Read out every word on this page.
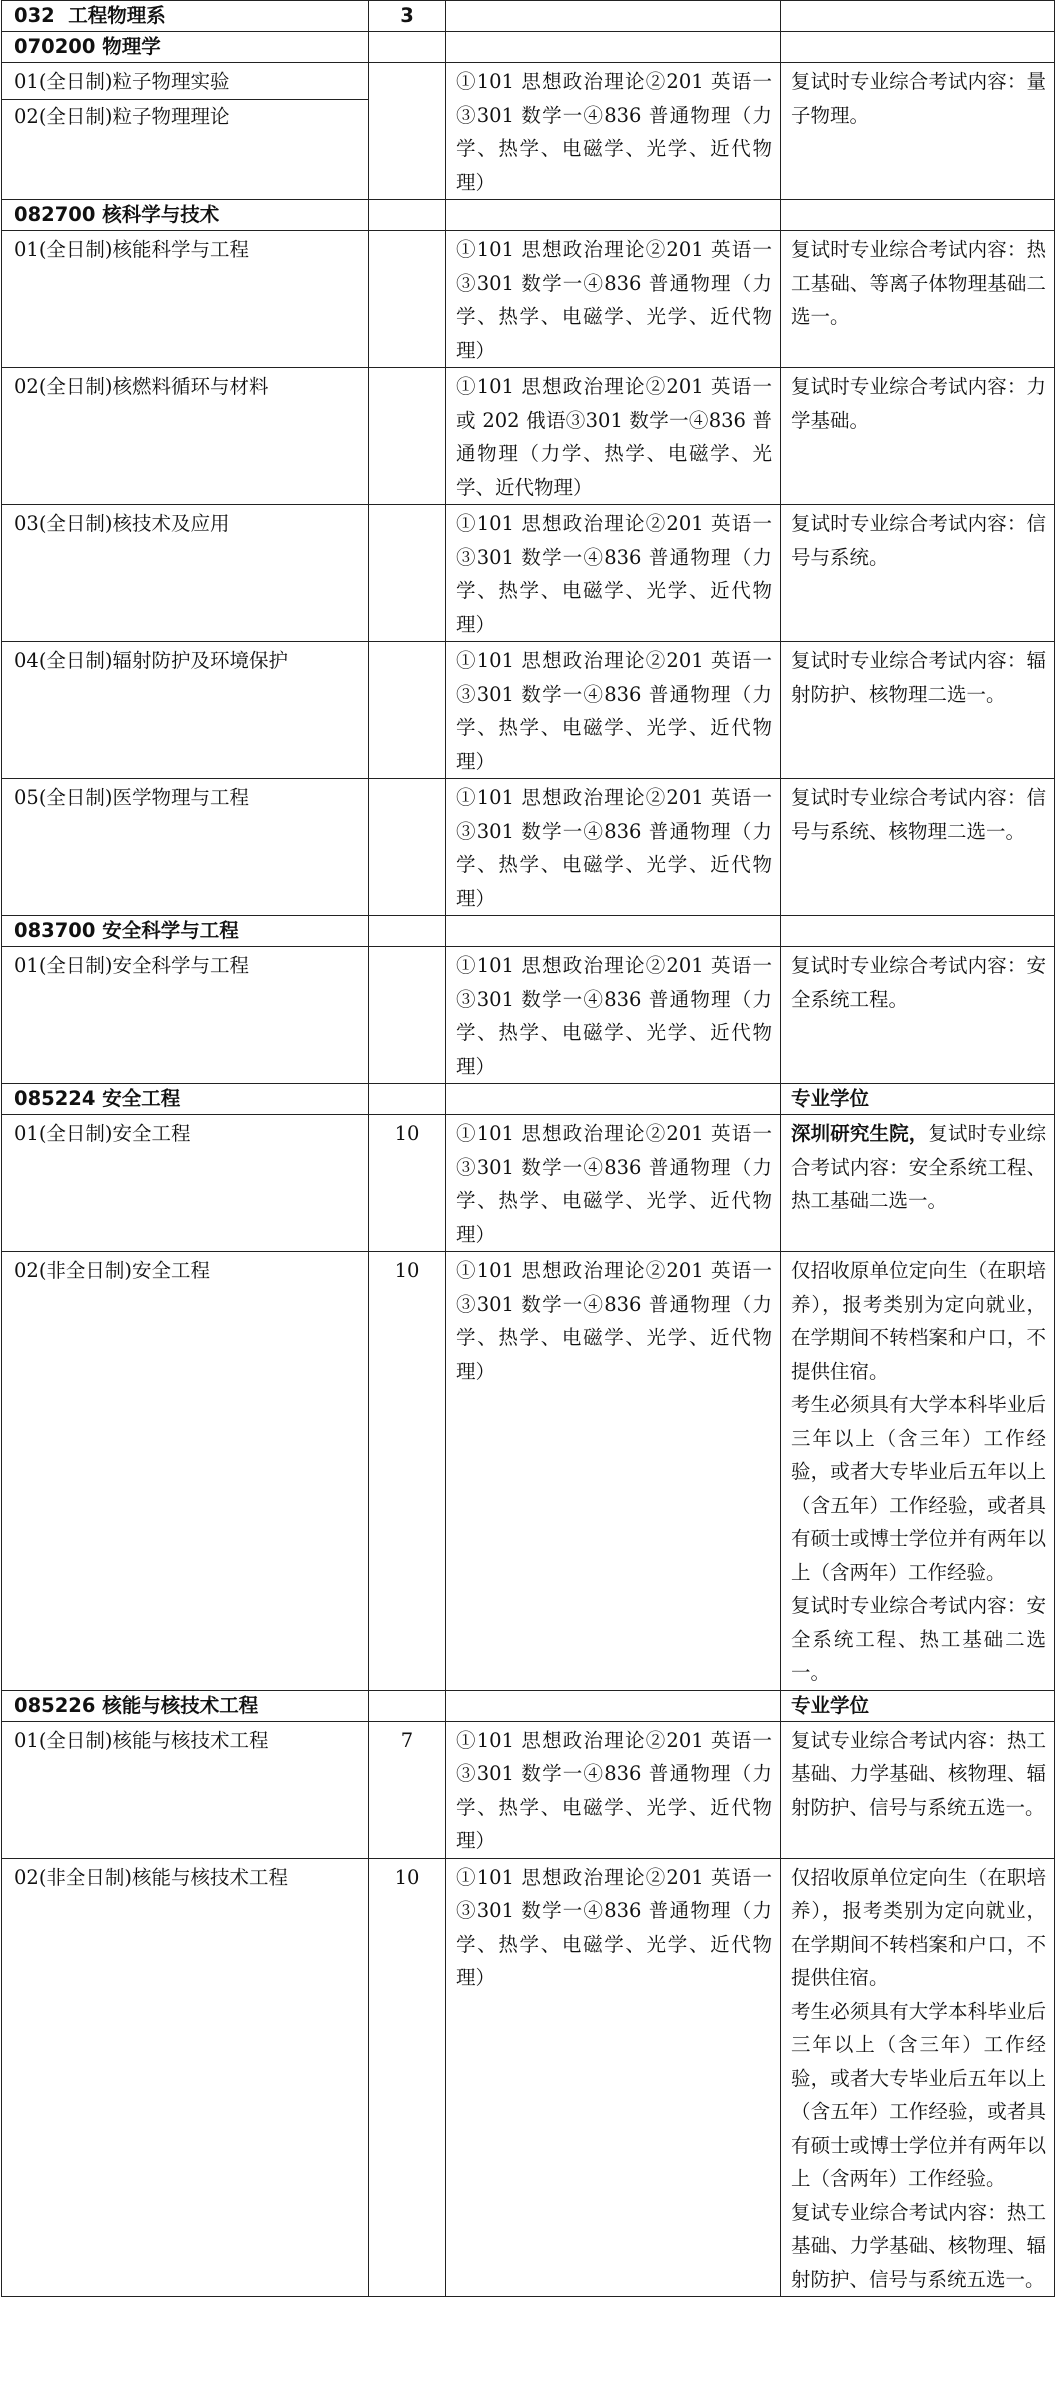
032 工程物理系	3		
070200 物理学			

01(全日制)粒子物理实验
02(全日制)粒子物理理论		①101 思想政治理论②201 英语一③301 数学一④836 普通物理（力学、热学、电磁学、光学、近代物理）	复试时专业综合考试内容：量子物理。
082700 核科学与技术			

01(全日制)核能科学与工程		①101 思想政治理论②201 英语一③301 数学一④836 普通物理（力学、热学、电磁学、光学、近代物理）	复试时专业综合考试内容：热工基础、等离子体物理基础二选一。

02(全日制)核燃料循环与材料		①101 思想政治理论②201 英语一 或 202 俄语③301 数学一④836 普通物理（力学、热学、电磁学、光学、近代物理）	复试时专业综合考试内容：力学基础。

03(全日制)核技术及应用		①101 思想政治理论②201 英语一③301 数学一④836 普通物理（力学、热学、电磁学、光学、近代物理）	复试时专业综合考试内容：信号与系统。

04(全日制)辐射防护及环境保护		①101 思想政治理论②201 英语一③301 数学一④836 普通物理（力学、热学、电磁学、光学、近代物理）	复试时专业综合考试内容：辐射防护、核物理二选一。

05(全日制)医学物理与工程		①101 思想政治理论②201 英语一③301 数学一④836 普通物理（力学、热学、电磁学、光学、近代物理）	复试时专业综合考试内容：信号与系统、核物理二选一。
083700 安全科学与工程			

01(全日制)安全科学与工程		①101 思想政治理论②201 英语一③301 数学一④836 普通物理（力学、热学、电磁学、光学、近代物理）	复试时专业综合考试内容：安全系统工程。
085224 安全工程			专业学位

01(全日制)安全工程	10	①101 思想政治理论②201 英语一③301 数学一④836 普通物理（力学、热学、电磁学、光学、近代物理）	深圳研究生院，复试时专业综合考试内容：安全系统工程、热工基础二选一。

02(非全日制)安全工程	10	①101 思想政治理论②201 英语一③301 数学一④836 普通物理（力学、热学、电磁学、光学、近代物理）	仅招收原单位定向生（在职培养），报考类别为定向就业，在学期间不转档案和户口，不提供住宿。
考生必须具有大学本科毕业后三年以上（含三年）工作经验，或者大专毕业后五年以上（含五年）工作经验，或者具有硕士或博士学位并有两年以上（含两年）工作经验。
复试时专业综合考试内容：安全系统工程、热工基础二选一。

085226 核能与核技术工程			专业学位

01(全日制)核能与核技术工程	7	①101 思想政治理论②201 英语一③301 数学一④836 普通物理（力学、热学、电磁学、光学、近代物理）	复试专业综合考试内容：热工基础、力学基础、核物理、辐射防护、信号与系统五选一。

02(非全日制)核能与核技术工程	10	①101 思想政治理论②201 英语一③301 数学一④836 普通物理（力学、热学、电磁学、光学、近代物理）	仅招收原单位定向生（在职培养），报考类别为定向就业，在学期间不转档案和户口，不提供住宿。
考生必须具有大学本科毕业后三年以上（含三年）工作经验，或者大专毕业后五年以上（含五年）工作经验，或者具有硕士或博士学位并有两年以上（含两年）工作经验。
复试专业综合考试内容：热工基础、力学基础、核物理、辐射防护、信号与系统五选一。
